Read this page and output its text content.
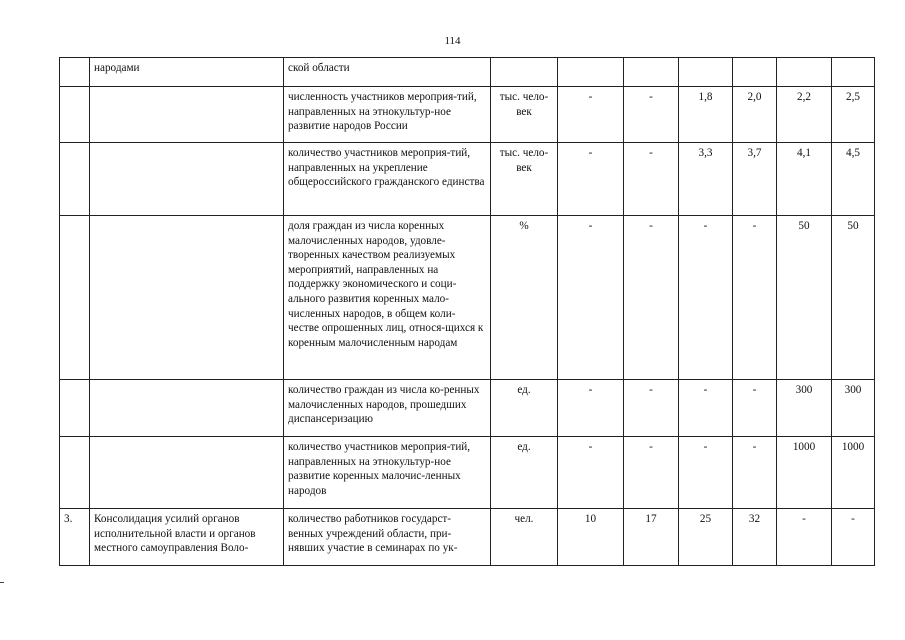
114
	народами	ской области							
		численность участников мероприя-тий, направленных на этнокультур-ное развитие народов России	тыс. чело-век	-	-	1,8	2,0	2,2	2,5
		количество участников мероприя-тий, направленных на укрепление общероссийского гражданского единства	тыс. чело-век	-	-	3,3	3,7	4,1	4,5
		доля граждан из числа коренных малочисленных народов, удовле-творенных качеством реализуемых мероприятий, направленных на поддержку экономического и соци-ального развития коренных мало-численных народов, в общем коли-честве опрошенных лиц, относя-щихся к коренным малочисленным народам	%	-	-	-	-	50	50
		количество граждан из числа ко-ренных малочисленных народов, прошедших диспансеризацию	ед.	-	-	-	-	300	300
		количество участников мероприя-тий, направленных на этнокультур-ное развитие коренных малочис-ленных народов	ед.	-	-	-	-	1000	1000
3.	Консолидация усилий органов исполнительной власти и органов местного самоуправления Воло-	количество работников государст-венных учреждений области, при-нявших участие в семинарах по ук-	чел.	10	17	25	32	-	-
